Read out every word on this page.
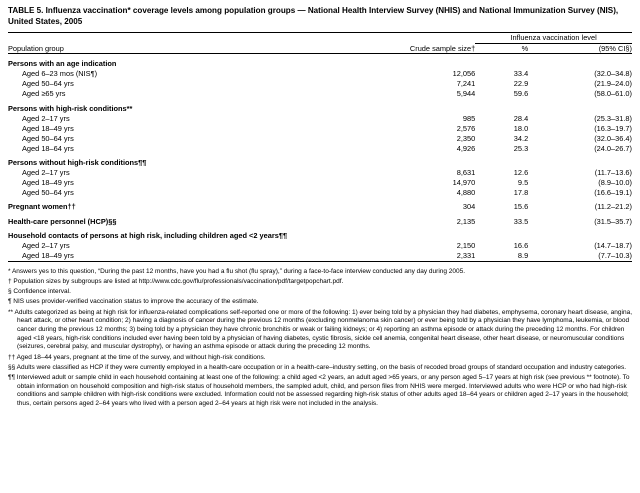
TABLE 5. Influenza vaccination* coverage levels among population groups — National Health Interview Survey (NHIS) and National Immunization Survey (NIS), United States, 2005
		Influenza vaccination level	
Population group	Crude sample size†	%	(95% CI§)
Persons with an age indication			
Aged 6–23 mos (NIS¶)	12,056	33.4	(32.0–34.8)
Aged 50–64 yrs	7,241	22.9	(21.9–24.0)
Aged ≥65 yrs	5,944	59.6	(58.0–61.0)
Persons with high-risk conditions**			
Aged 2–17 yrs	985	28.4	(25.3–31.8)
Aged 18–49 yrs	2,576	18.0	(16.3–19.7)
Aged 50–64 yrs	2,350	34.2	(32.0–36.4)
Aged 18–64 yrs	4,926	25.3	(24.0–26.7)
Persons without high-risk conditions¶¶			
Aged 2–17 yrs	8,631	12.6	(11.7–13.6)
Aged 18–49 yrs	14,970	9.5	(8.9–10.0)
Aged 50–64 yrs	4,880	17.8	(16.6–19.1)
Pregnant women††	304	15.6	(11.2–21.2)
Health-care personnel (HCP)§§	2,135	33.5	(31.5–35.7)
Household contacts of persons at high risk, including children aged <2 years¶¶			
Aged 2–17 yrs	2,150	16.6	(14.7–18.7)
Aged 18–49 yrs	2,331	8.9	(7.7–10.3)

* Answers yes to this question, “During the past 12 months, have you had a flu shot (flu spray),” during a face-to-face interview conducted any day during 2005.

† Population sizes by subgroups are listed at http://www.cdc.gov/flu/professionals/vaccination/pdf/targetpopchart.pdf.

§ Confidence interval.

¶ NIS uses provider-verified vaccination status to improve the accuracy of the estimate.

** Adults categorized as being at high risk for influenza-related complications self-reported one or more of the following: 1) ever being told by a physician they had diabetes, emphysema, coronary heart disease, angina, heart attack, or other heart condition; 2) having a diagnosis of cancer during the previous 12 months (excluding nonmelanoma skin cancer) or ever being told by a physician they have lymphoma, leukemia, or blood cancer during the previous 12 months; 3) being told by a physician they have chronic bronchitis or weak or failing kidneys; or 4) reporting an asthma episode or attack during the preceding 12 months. For children aged <18 years, high-risk conditions included ever having been told by a physician of having diabetes, cystic fibrosis, sickle cell anemia, congenital heart disease, other heart disease, or neuromuscular conditions (seizures, cerebral palsy, and muscular dystrophy), or having an asthma episode or attack during the preceding 12 months.

†† Aged 18–44 years, pregnant at the time of the survey, and without high-risk conditions.

§§ Adults were classified as HCP if they were currently employed in a health-care occupation or in a health-care–industry setting, on the basis of recoded broad groups of standard occupation and industry categories.

¶¶ Interviewed adult or sample child in each household containing at least one of the following: a child aged <2 years, an adult aged >65 years, or any person aged 5–17 years at high risk (see previous ** footnote). To obtain information on household composition and high-risk status of household members, the sampled adult, child, and person files from NHIS were merged. Interviewed adults who were HCP or who had high-risk conditions and sample children with high-risk conditions were excluded. Information could not be assessed regarding high-risk status of other adults aged 18–64 years or children aged 2–17 years in the household; thus, certain persons aged 2–64 years who lived with a person aged 2–64 years at high risk were not included in the analysis.
